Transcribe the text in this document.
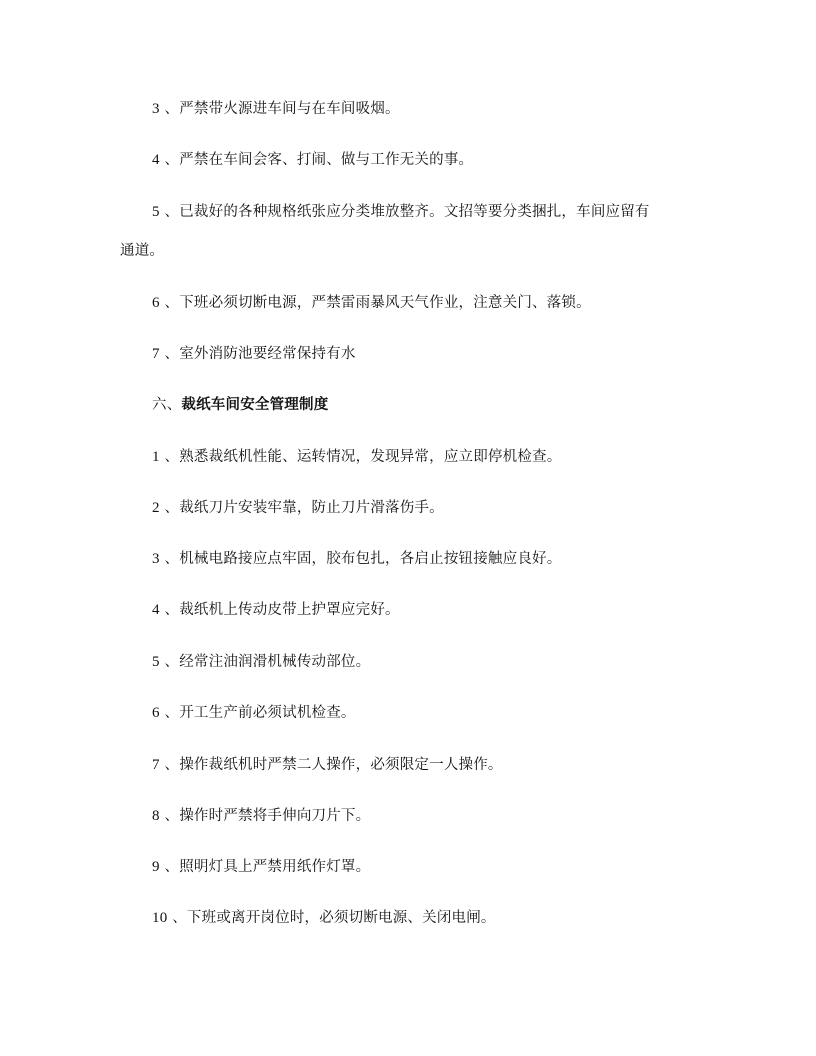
3 、严禁带火源进车间与在车间吸烟。
4 、严禁在车间会客、打闹、做与工作无关的事。
5 、已裁好的各种规格纸张应分类堆放整齐。文招等要分类捆扎，车间应留有
通道。
6 、下班必须切断电源，严禁雷雨暴风天气作业，注意关门、落锁。
7 、室外消防池要经常保持有水
六、裁纸车间安全管理制度
1 、熟悉裁纸机性能、运转情况，发现异常，应立即停机检查。
2 、裁纸刀片安装牢靠，防止刀片滑落伤手。
3 、机械电路接应点牢固，胶布包扎，各启止按钮接触应良好。
4 、裁纸机上传动皮带上护罩应完好。
5 、经常注油润滑机械传动部位。
6 、开工生产前必须试机检查。
7 、操作裁纸机时严禁二人操作，必须限定一人操作。
8 、操作时严禁将手伸向刀片下。
9 、照明灯具上严禁用纸作灯罩。
10 、下班或离开岗位时，必须切断电源、关闭电闸。
